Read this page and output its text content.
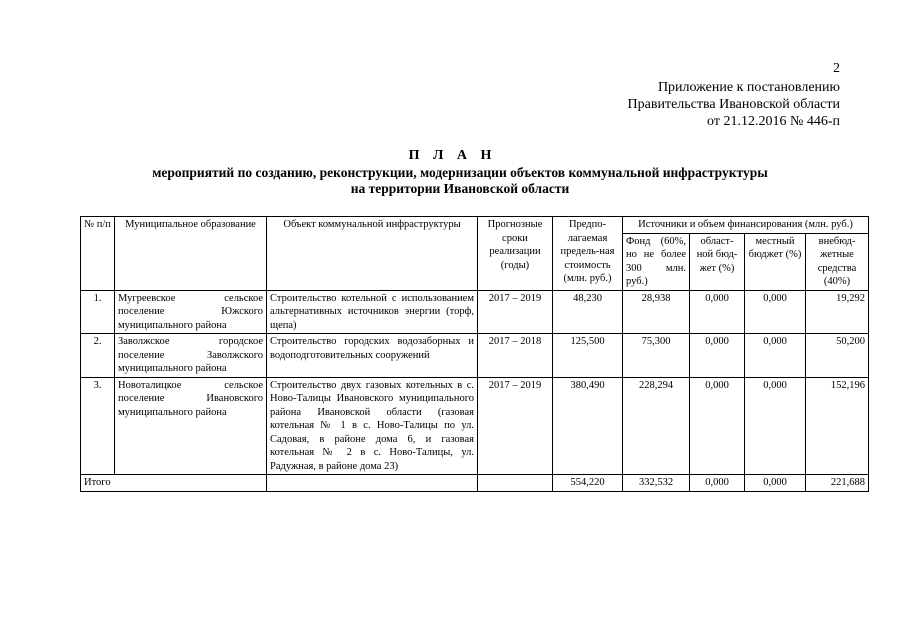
2
Приложение к постановлению
Правительства Ивановской области
от 21.12.2016 № 446-п
П Л А Н
мероприятий по созданию, реконструкции, модернизации объектов коммунальной инфраструктуры
на территории Ивановской области
№ п/п	Муниципальное образование	Объект коммунальной инфраструктуры	Прогнозные сроки реализации (годы)	Предпо-лагаемая предель-ная стоимость (млн. руб.)	Источники и объем финансирования (млн. руб.)			
					Фонд (60%, но не более 300 млн. руб.)	област-ной бюд-жет (%)	местный бюджет (%)	внебюд-жетные средства (40%)
1.	Мугреевское сельское поселение Южского муниципального района	Строительство котельной с использованием альтернативных источников энергии (торф, щепа)	2017 – 2019	48,230	28,938	0,000	0,000	19,292
2.	Заволжское городское поселение Заволжского муниципального района	Строительство городских водозаборных и водоподготовительных сооружений	2017 – 2018	125,500	75,300	0,000	0,000	50,200
3.	Новоталицкое сельское поселение Ивановского муниципального района	Строительство двух газовых котельных в с. Ново-Талицы Ивановского муниципального района Ивановской области (газовая котельная № 1 в с. Ново-Талицы по ул. Садовая, в районе дома 6, и газовая котельная № 2 в с. Ново-Талицы, ул. Радужная, в районе дома 23)	2017 – 2019	380,490	228,294	0,000	0,000	152,196
Итого				554,220	332,532	0,000	0,000	221,688
